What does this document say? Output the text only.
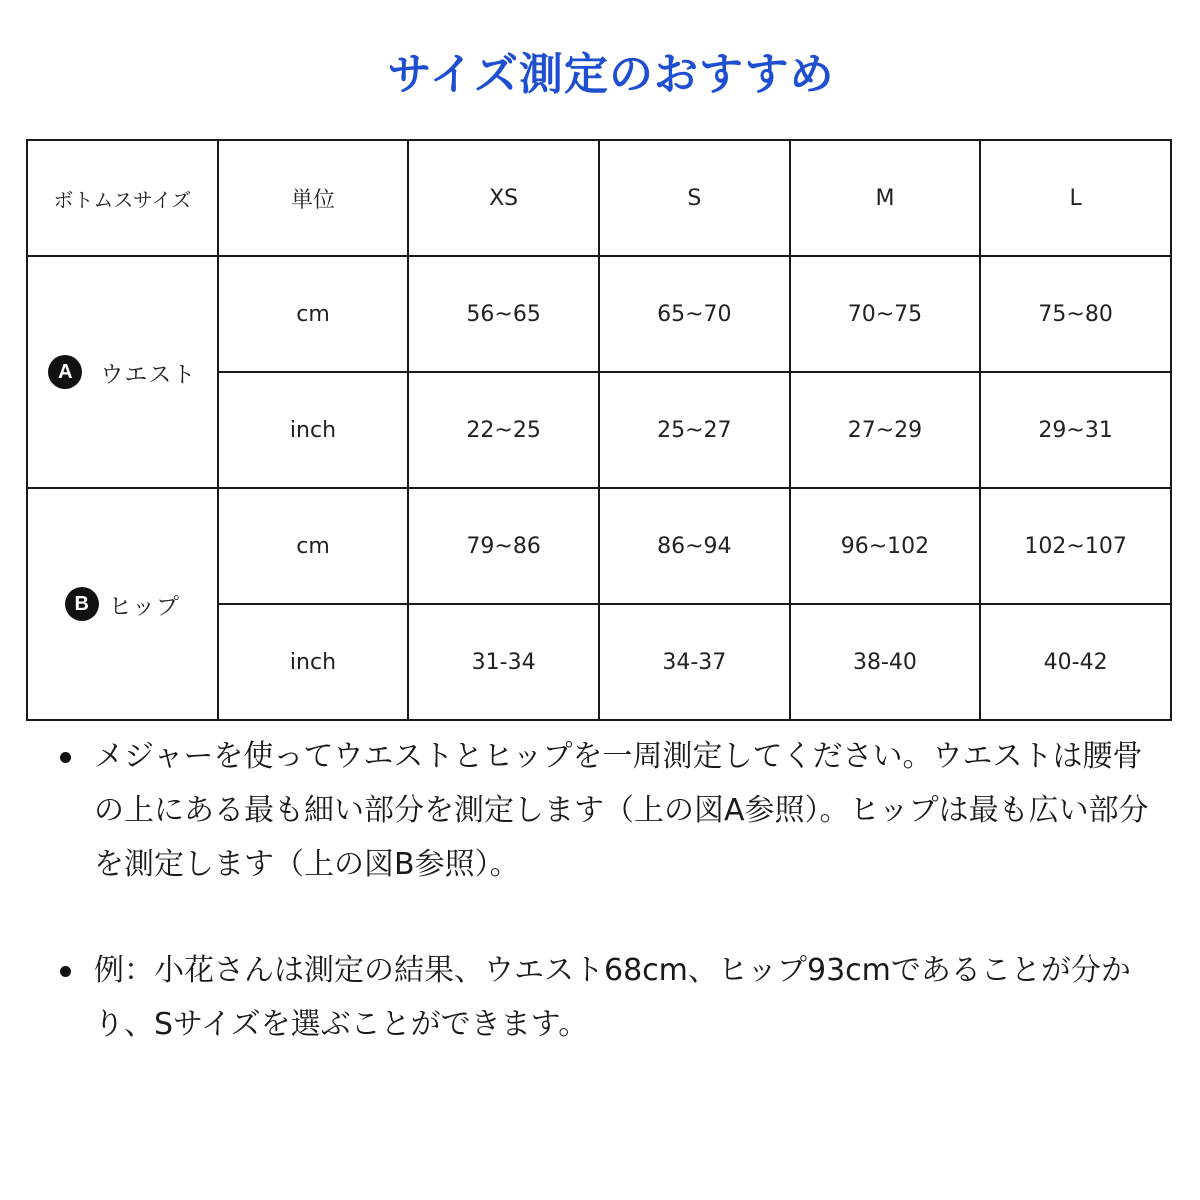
サイズ測定のおすすめ
ボトムスサイズ	単位	XS	S	M	L

A ウエスト	cm	56~65	65~70	70~75	75~80
	inch	22~25	25~27	27~29	29~31

B ヒップ	cm	79~86	86~94	96~102	102~107
	inch	31-34	34-37	38-40	40-42
メジャーを使ってウエストとヒップを一周測定してください。ウエストは腰骨の上にある最も細い部分を測定します（上の図A参照）。ヒップは最も広い部分を測定します（上の図B参照）。
例：小花さんは測定の結果、ウエスト68cm、ヒップ93cmであることが分かり、Sサイズを選ぶことができます。
